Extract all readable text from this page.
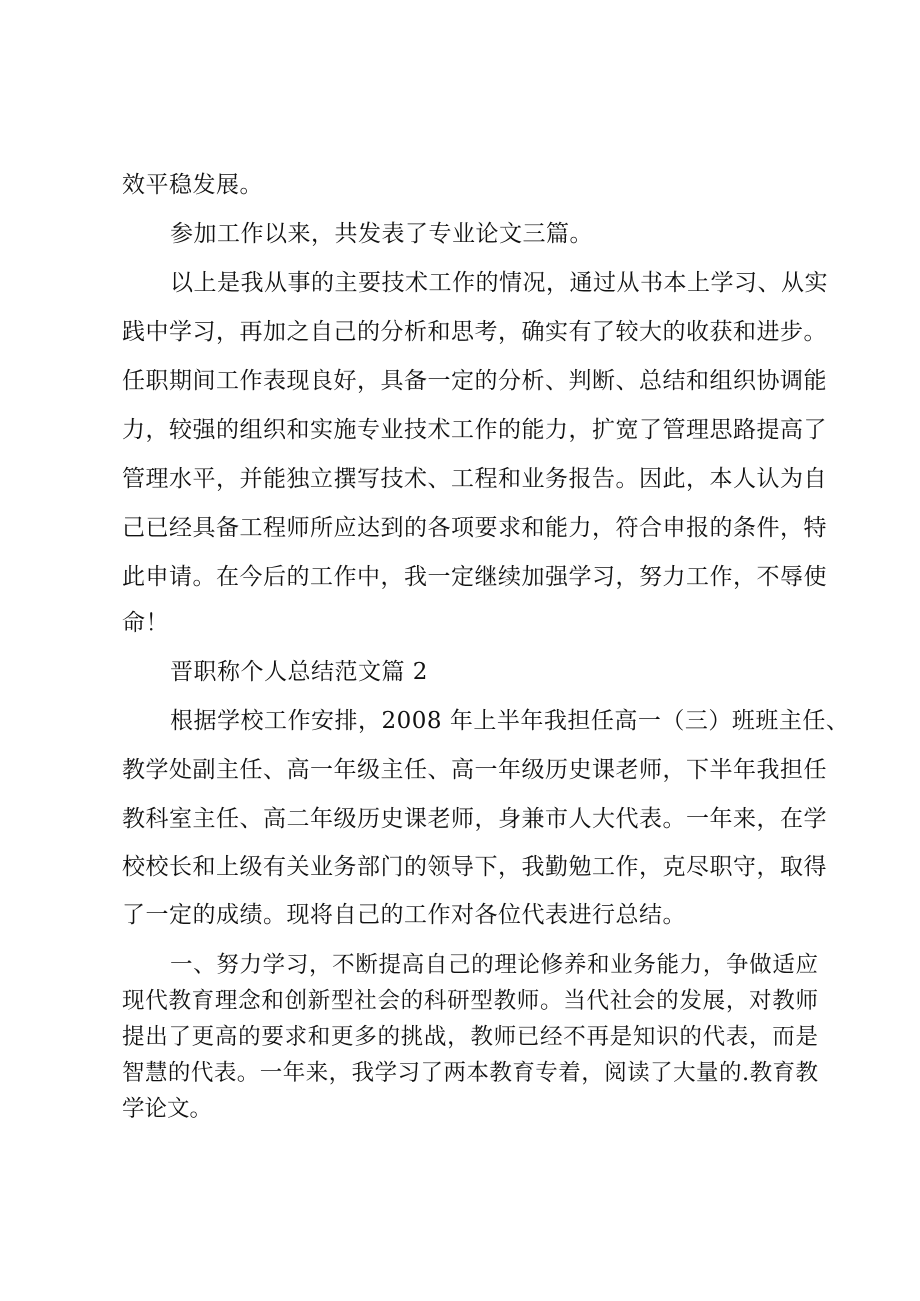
效平稳发展。
参加工作以来，共发表了专业论文三篇。
以上是我从事的主要技术工作的情况，通过从书本上学习、从实
践中学习，再加之自己的分析和思考，确实有了较大的收获和进步。
任职期间工作表现良好，具备一定的分析、判断、总结和组织协调能
力，较强的组织和实施专业技术工作的能力，扩宽了管理思路提高了
管理水平，并能独立撰写技术、工程和业务报告。因此，本人认为自
己已经具备工程师所应达到的各项要求和能力，符合申报的条件，特
此申请。在今后的工作中，我一定继续加强学习，努力工作，不辱使
命！
晋职称个人总结范文篇 2
根据学校工作安排，2008 年上半年我担任高一（三）班班主任、
教学处副主任、高一年级主任、高一年级历史课老师，下半年我担任
教科室主任、高二年级历史课老师，身兼市人大代表。一年来，在学
校校长和上级有关业务部门的领导下，我勤勉工作，克尽职守，取得
了一定的成绩。现将自己的工作对各位代表进行总结。
一、努力学习，不断提高自己的理论修养和业务能力，争做适应
现代教育理念和创新型社会的科研型教师。当代社会的发展，对教师
提出了更高的要求和更多的挑战，教师已经不再是知识的代表，而是
智慧的代表。一年来，我学习了两本教育专着，阅读了大量的.教育教
学论文。
